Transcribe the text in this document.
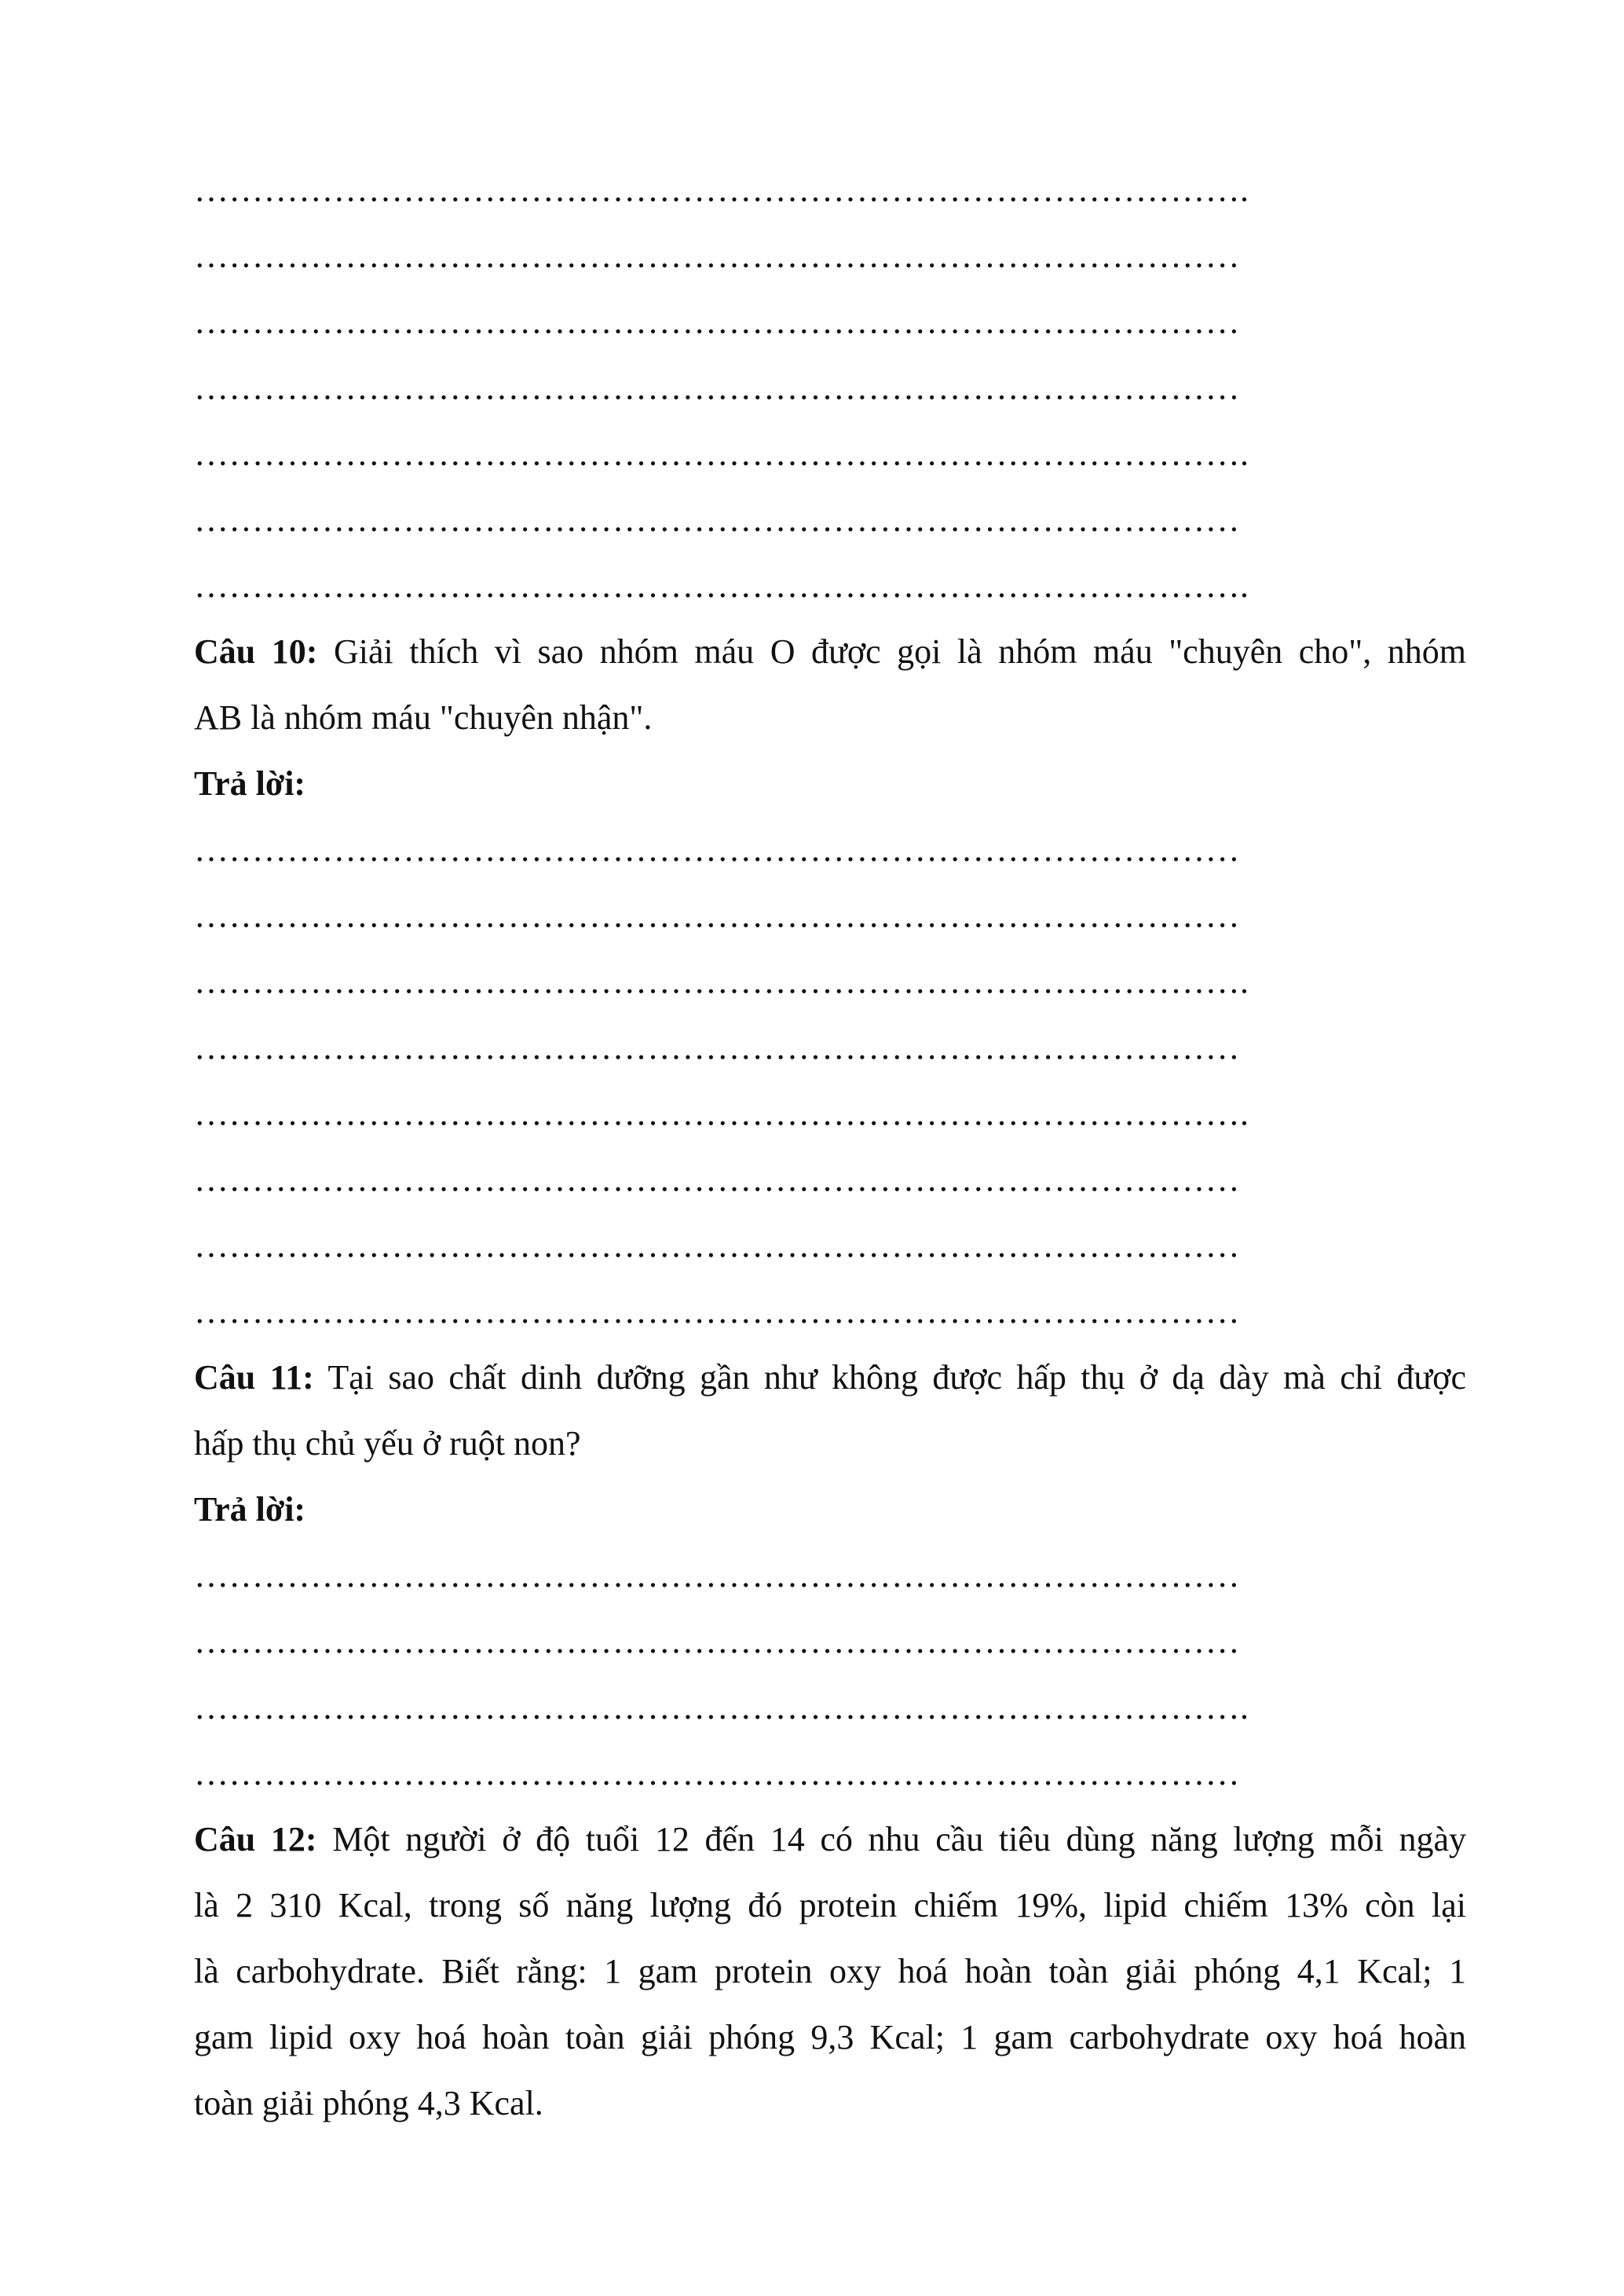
……………………………………………………………………………….
………………………………………………………………………………
………………………………………………………………………………
………………………………………………………………………………
……………………………………………………………………………….
………………………………………………………………………………
……………………………………………………………………………….
Câu 10: Giải thích vì sao nhóm máu O được gọi là nhóm máu "chuyên cho", nhóm
AB là nhóm máu "chuyên nhận".
Trả lời:
………………………………………………………………………………
………………………………………………………………………………
……………………………………………………………………………….
………………………………………………………………………………
……………………………………………………………………………….
………………………………………………………………………………
………………………………………………………………………………
………………………………………………………………………………
Câu 11: Tại sao chất dinh dưỡng gần như không được hấp thụ ở dạ dày mà chỉ được
hấp thụ chủ yếu ở ruột non?
Trả lời:
………………………………………………………………………………
………………………………………………………………………………
……………………………………………………………………………….
………………………………………………………………………………
Câu 12: Một người ở độ tuổi 12 đến 14 có nhu cầu tiêu dùng năng lượng mỗi ngày
là 2 310 Kcal, trong số năng lượng đó protein chiếm 19%, lipid chiếm 13% còn lại
là carbohydrate. Biết rằng: 1 gam protein oxy hoá hoàn toàn giải phóng 4,1 Kcal; 1
gam lipid oxy hoá hoàn toàn giải phóng 9,3 Kcal; 1 gam carbohydrate oxy hoá hoàn
toàn giải phóng 4,3 Kcal.
